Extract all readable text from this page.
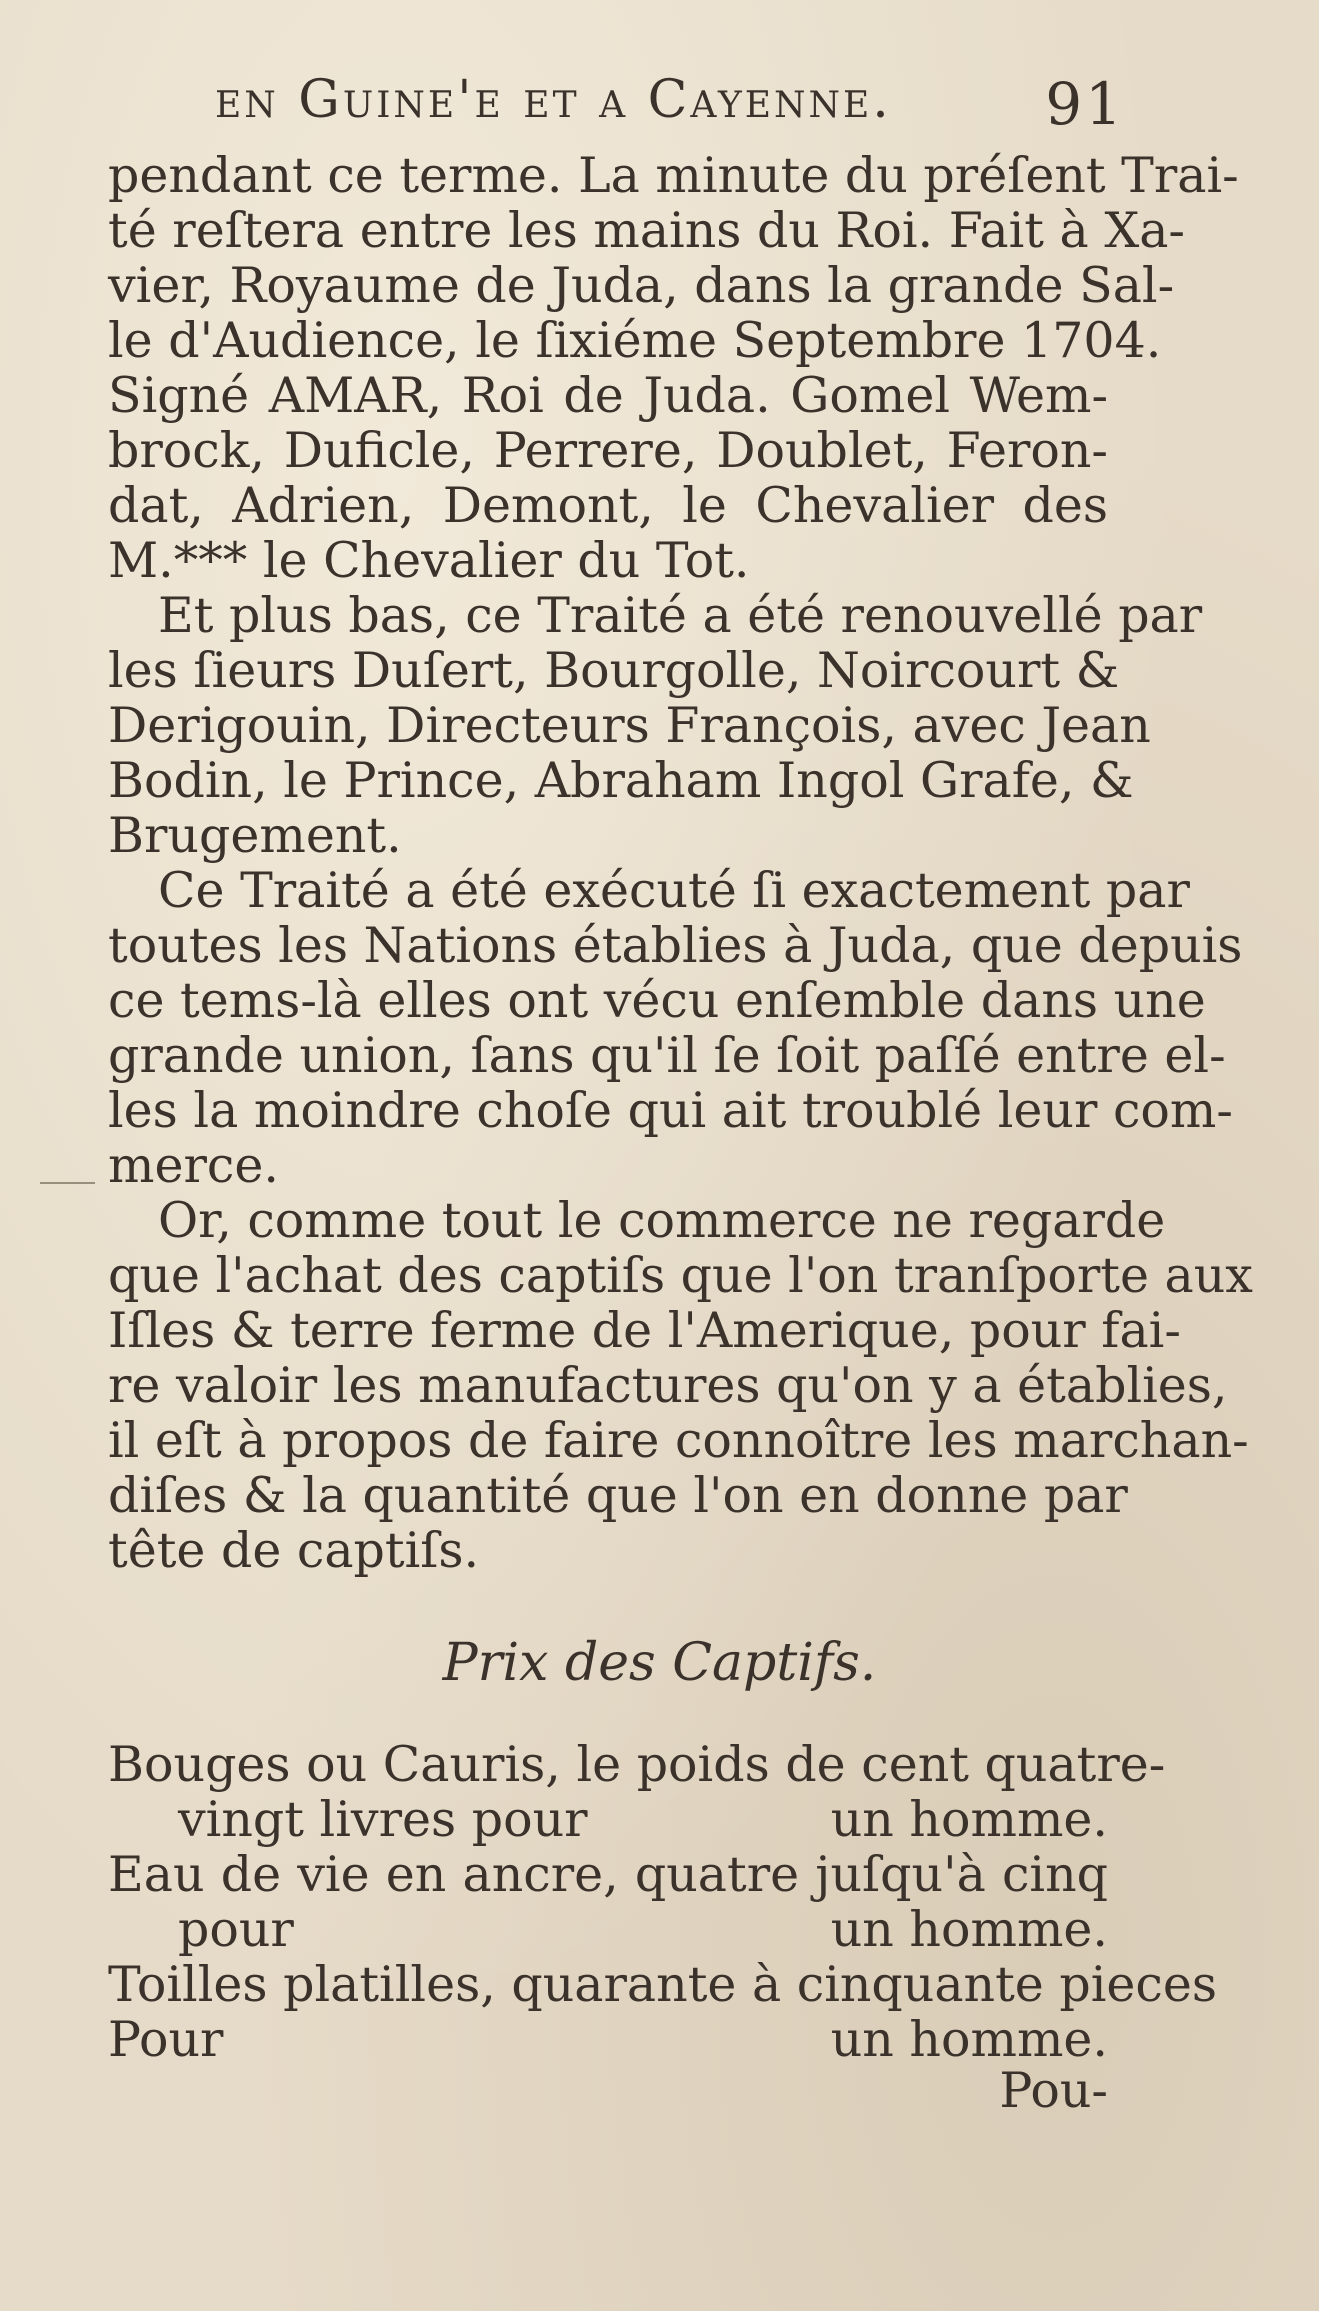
en Guine'e et a Cayenne.	91
pendant ce terme. La minute du préſent Trai-
té reſtera entre les mains du Roi. Fait à Xa-
vier, Royaume de Juda, dans la grande Sal-
le d'Audience, le ſixiéme Septembre 1704.
Signé AMAR, Roi de Juda. Gomel Wem-
brock, Duficle, Perrere, Doublet, Feron-
dat, Adrien, Demont, le Chevalier des
M.*** le Chevalier du Tot.
Et plus bas, ce Traité a été renouvellé par
les ſieurs Duſert, Bourgolle, Noircourt &
Derigouin, Directeurs François, avec Jean
Bodin, le Prince, Abraham Ingol Grafe, &
Brugement.
Ce Traité a été exécuté ſi exactement par
toutes les Nations établies à Juda, que depuis
ce tems-là elles ont vécu enſemble dans une
grande union, ſans qu'il ſe ſoit paſſé entre el-
les la moindre choſe qui ait troublé leur com-
merce.
Or, comme tout le commerce ne regarde
que l'achat des captiſs que l'on tranſporte aux
Iſles & terre ferme de l'Amerique, pour fai-
re valoir les manufactures qu'on y a établies,
il eſt à propos de faire connoître les marchan-
diſes & la quantité que l'on en donne par
tête de captiſs.
Prix des Captifs.
Bouges ou Cauris, le poids de cent quatre-
vingt livres pour	un homme.
Eau de vie en ancre, quatre juſqu'à cinq
pour	un homme.
Toilles platilles, quarante à cinquante pieces
Pour	un homme.
Pou-
